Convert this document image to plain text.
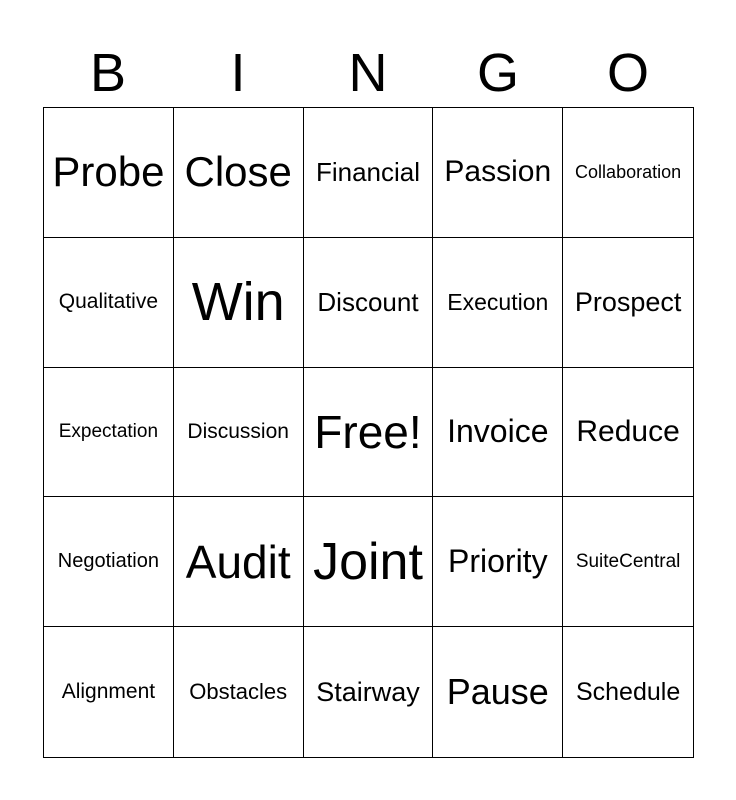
B	I	N	G	O
Probe Close Financial Passion Collaboration
Qualitative Win Discount Execution Prospect
Expectation Discussion Free! Invoice Reduce
Negotiation Audit Joint Priority SuiteCentral
Alignment Obstacles Stairway Pause Schedule
